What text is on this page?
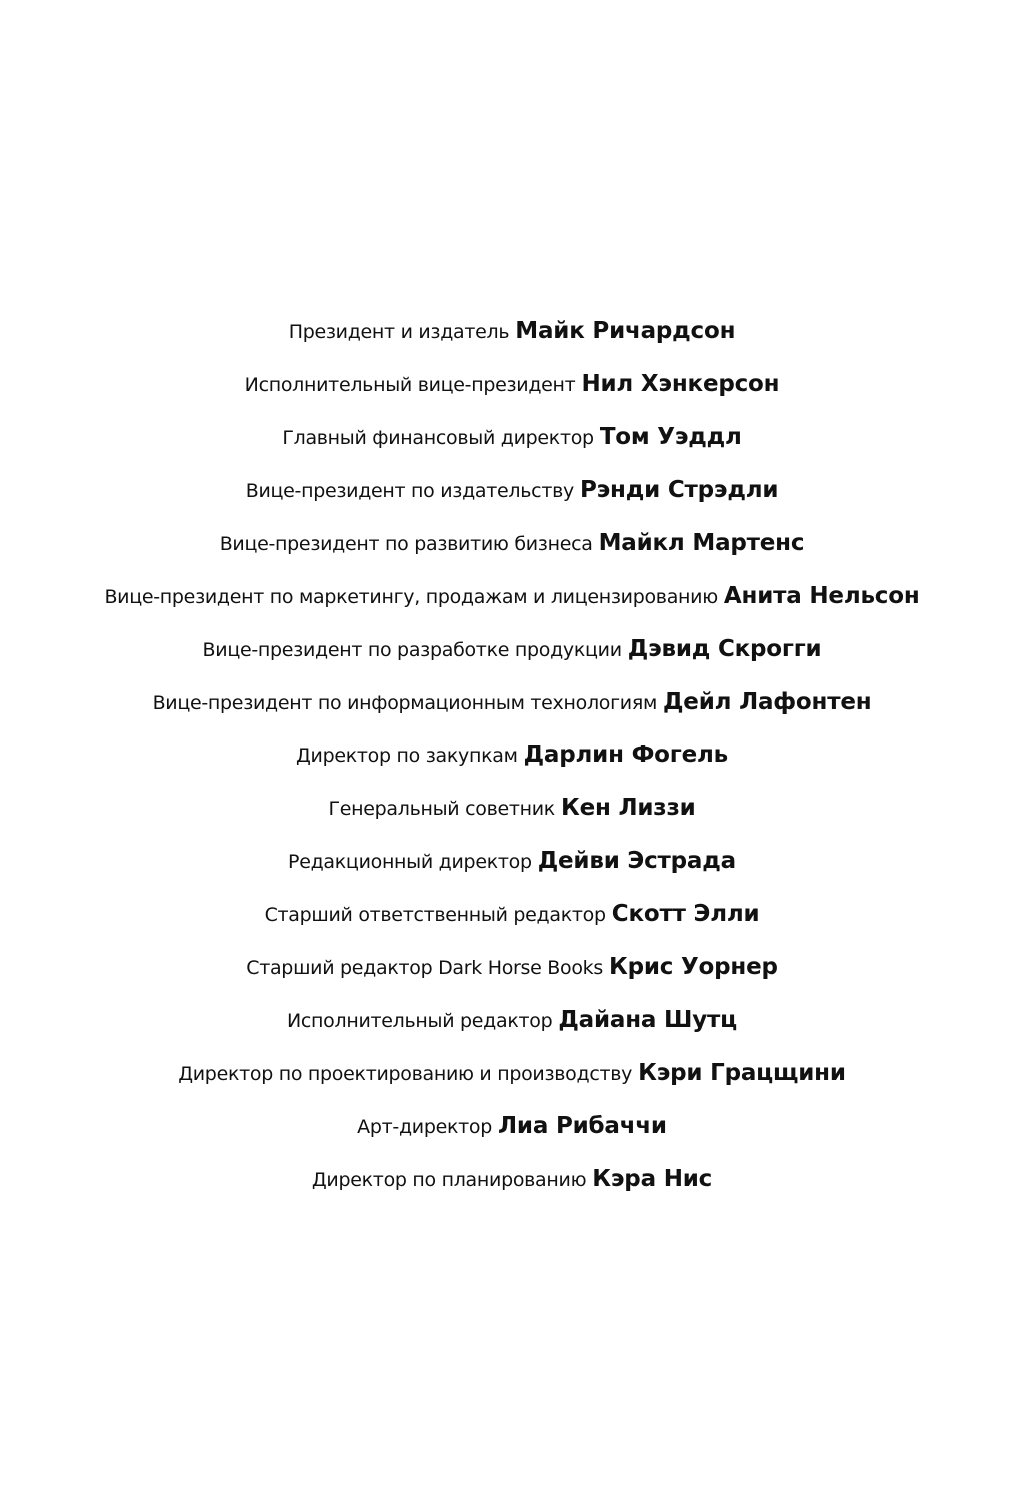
Президент и издатель Майк Ричардсон
Исполнительный вице-президент Нил Хэнкерсон
Главный финансовый директор Том Уэддл
Вице-президент по издательству Рэнди Стрэдли
Вице-президент по развитию бизнеса Майкл Мартенс
Вице-президент по маркетингу, продажам и лицензированию Анита Нельсон
Вице-президент по разработке продукции Дэвид Скрогги
Вице-президент по информационным технологиям Дейл Лафонтен
Директор по закупкам Дарлин Фогель
Генеральный советник Кен Лиззи
Редакционный директор Дейви Эстрада
Старший ответственный редактор Скотт Элли
Старший редактор Dark Horse Books Крис Уорнер
Исполнительный редактор Дайана Шутц
Директор по проектированию и производству Кэри Грацщини
Арт-директор Лиа Рибаччи
Директор по планированию Кэра Нис
